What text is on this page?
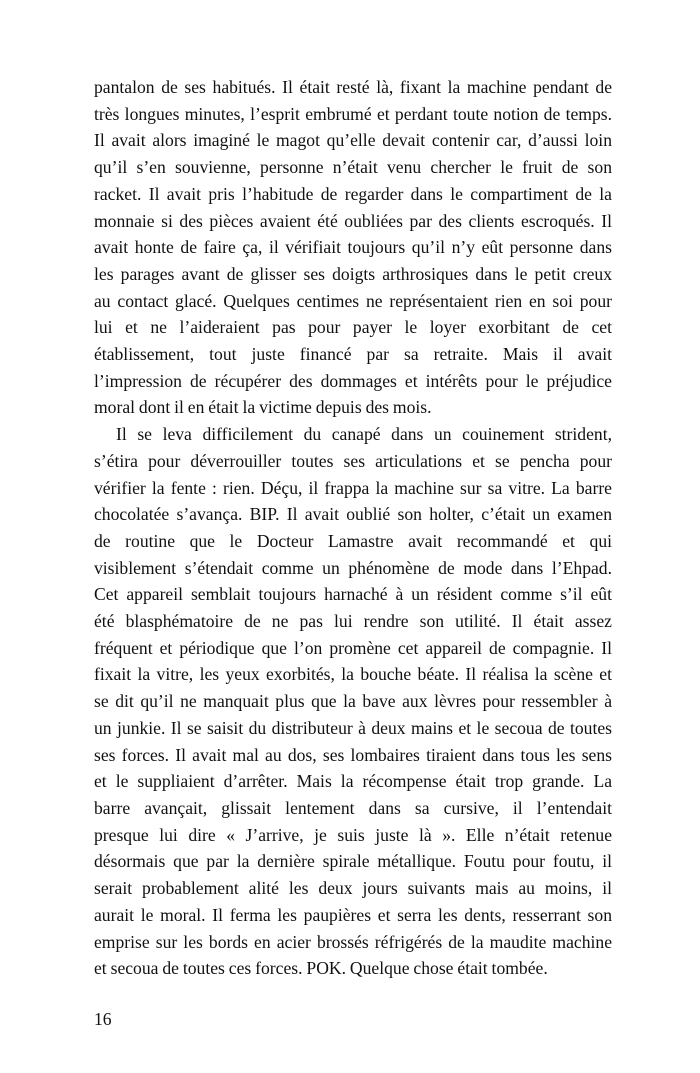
pantalon de ses habitués. Il était resté là, fixant la machine pendant de
très longues minutes, l’esprit embrumé et perdant toute notion de temps.
Il avait alors imaginé le magot qu’elle devait contenir car, d’aussi loin
qu’il s’en souvienne, personne n’était venu chercher le fruit de son
racket. Il avait pris l’habitude de regarder dans le compartiment de la
monnaie si des pièces avaient été oubliées par des clients escroqués. Il
avait honte de faire ça, il vérifiait toujours qu’il n’y eût personne dans
les parages avant de glisser ses doigts arthrosiques dans le petit creux
au contact glacé. Quelques centimes ne représentaient rien en soi pour
lui et ne l’aideraient pas pour payer le loyer exorbitant de cet
établissement, tout juste financé par sa retraite. Mais il avait
l’impression de récupérer des dommages et intérêts pour le préjudice
moral dont il en était la victime depuis des mois.
Il se leva difficilement du canapé dans un couinement strident,
s’étira pour déverrouiller toutes ses articulations et se pencha pour
vérifier la fente : rien. Déçu, il frappa la machine sur sa vitre. La barre
chocolatée s’avança. BIP. Il avait oublié son holter, c’était un examen
de routine que le Docteur Lamastre avait recommandé et qui
visiblement s’étendait comme un phénomène de mode dans l’Ehpad.
Cet appareil semblait toujours harnaché à un résident comme s’il eût
été blasphématoire de ne pas lui rendre son utilité. Il était assez
fréquent et périodique que l’on promène cet appareil de compagnie. Il
fixait la vitre, les yeux exorbités, la bouche béate. Il réalisa la scène et
se dit qu’il ne manquait plus que la bave aux lèvres pour ressembler à
un junkie. Il se saisit du distributeur à deux mains et le secoua de toutes
ses forces. Il avait mal au dos, ses lombaires tiraient dans tous les sens
et le suppliaient d’arrêter. Mais la récompense était trop grande. La
barre avançait, glissait lentement dans sa cursive, il l’entendait
presque lui dire « J’arrive, je suis juste là ». Elle n’était retenue
désormais que par la dernière spirale métallique. Foutu pour foutu, il
serait probablement alité les deux jours suivants mais au moins, il
aurait le moral. Il ferma les paupières et serra les dents, resserrant son
emprise sur les bords en acier brossés réfrigérés de la maudite machine
et secoua de toutes ces forces. POK. Quelque chose était tombée.
16
